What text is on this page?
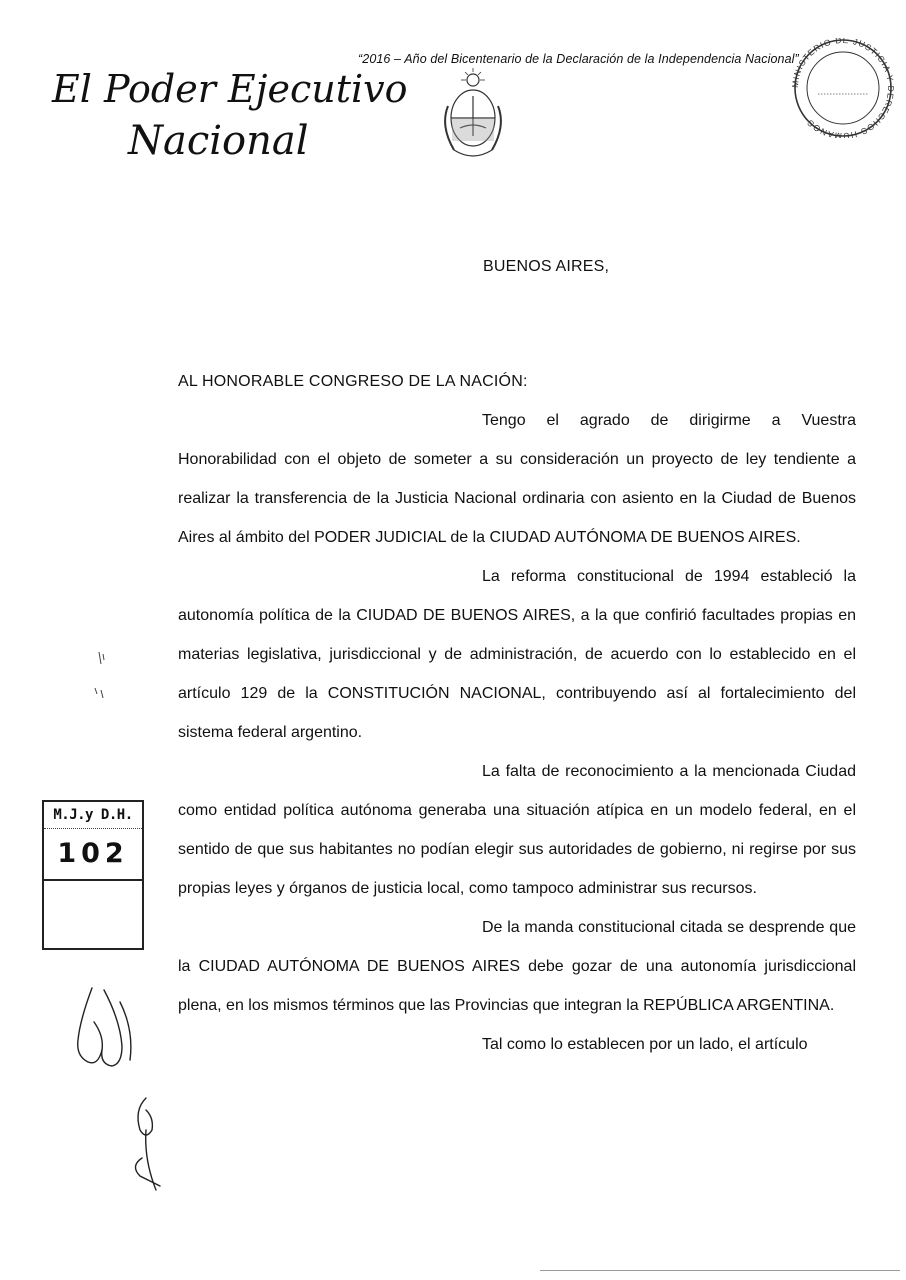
El Poder Ejecutivo
Nacional
“2016 – Año del Bicentenario de la Declaración de la Independencia Nacional”
MINISTERIO DE JUSTICIA Y DERECHOS HUMANOS
BUENOS AIRES,
AL HONORABLE CONGRESO DE LA NACIÓN:

Tengo el agrado de dirigirme a Vuestra Honorabilidad con el objeto de someter a su consideración un proyecto de ley tendiente a realizar la transferencia de la Justicia Nacional ordinaria con asiento en la Ciudad de Buenos Aires al ámbito del PODER JUDICIAL de la CIUDAD AUTÓNOMA DE BUENOS AIRES.

La reforma constitucional de 1994 estableció la autonomía política de la CIUDAD DE BUENOS AIRES, a la que confirió facultades propias en materias legislativa, jurisdiccional y de administración, de acuerdo con lo establecido en el artículo 129 de la CONSTITUCIÓN NACIONAL, contribuyendo así al fortalecimiento del sistema federal argentino.

La falta de reconocimiento a la mencionada Ciudad como entidad política autónoma generaba una situación atípica en un modelo federal, en el sentido de que sus habitantes no podían elegir sus autoridades de gobierno, ni regirse por sus propias leyes y órganos de justicia local, como tampoco administrar sus recursos.

De la manda constitucional citada se desprende que la CIUDAD AUTÓNOMA DE BUENOS AIRES debe gozar de una autonomía jurisdiccional plena, en los mismos términos que las Provincias que integran la REPÚBLICA ARGENTINA.

Tal como lo establecen por un lado, el artículo

M.J.y D.H.
102
